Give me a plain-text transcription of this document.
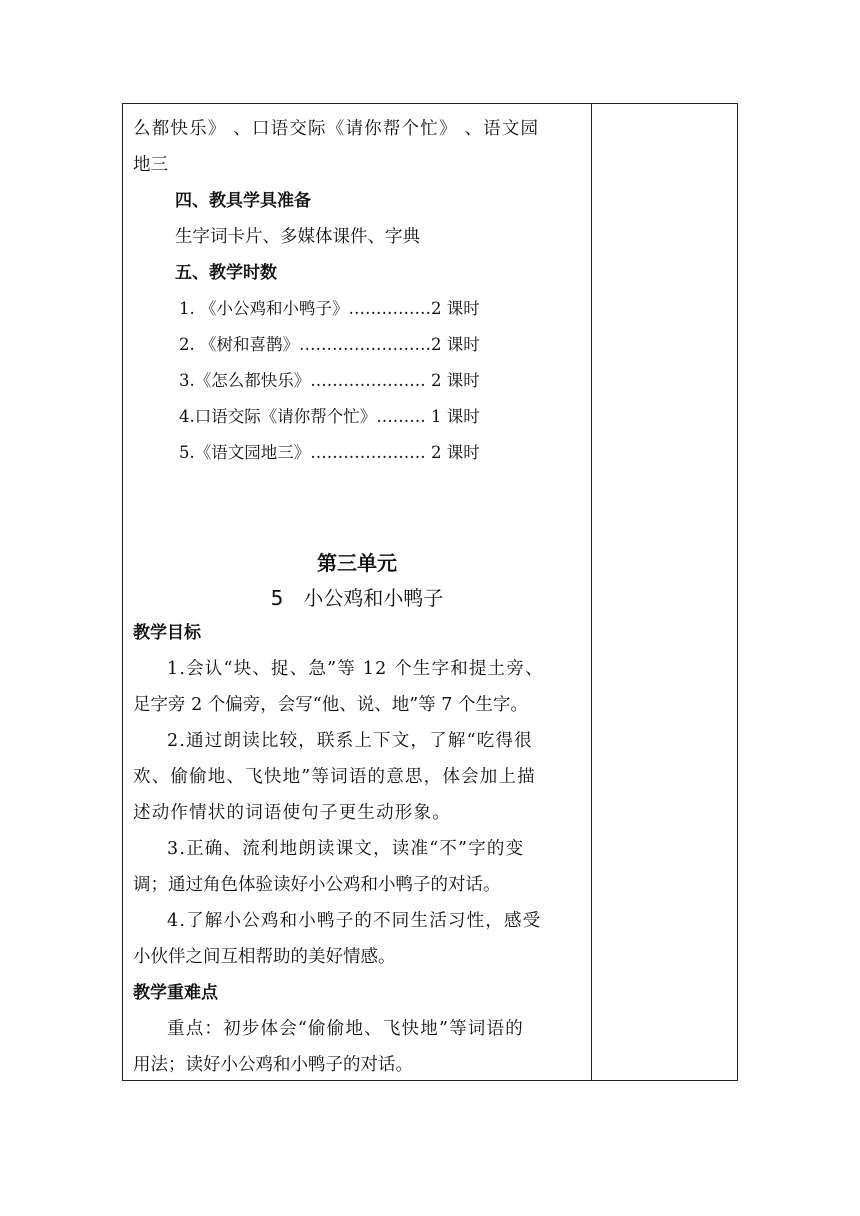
么都快乐》 、口语交际《请你帮个忙》 、语文园
地三
四、教具学具准备
生字词卡片、多媒体课件、字典
五、教学时数
1. 《小公鸡和小鸭子》……………2 课时
2. 《树和喜鹊》……………………2 课时
3.《怎么都快乐》………………… 2 课时
4.口语交际《请你帮个忙》……… 1 课时
5.《语文园地三》………………… 2 课时
第三单元
5　小公鸡和小鸭子
教学目标
1.会认“块、捉、急”等 12 个生字和提土旁、
足字旁 2 个偏旁，会写“他、说、地”等 7 个生字。
2.通过朗读比较，联系上下文，了解“吃得很
欢、偷偷地、飞快地”等词语的意思，体会加上描
述动作情状的词语使句子更生动形象。
3.正确、流利地朗读课文，读准“不”字的变
调；通过角色体验读好小公鸡和小鸭子的对话。
4.了解小公鸡和小鸭子的不同生活习性，感受
小伙伴之间互相帮助的美好情感。
教学重难点
重点：初步体会“偷偷地、飞快地”等词语的
用法；读好小公鸡和小鸭子的对话。
